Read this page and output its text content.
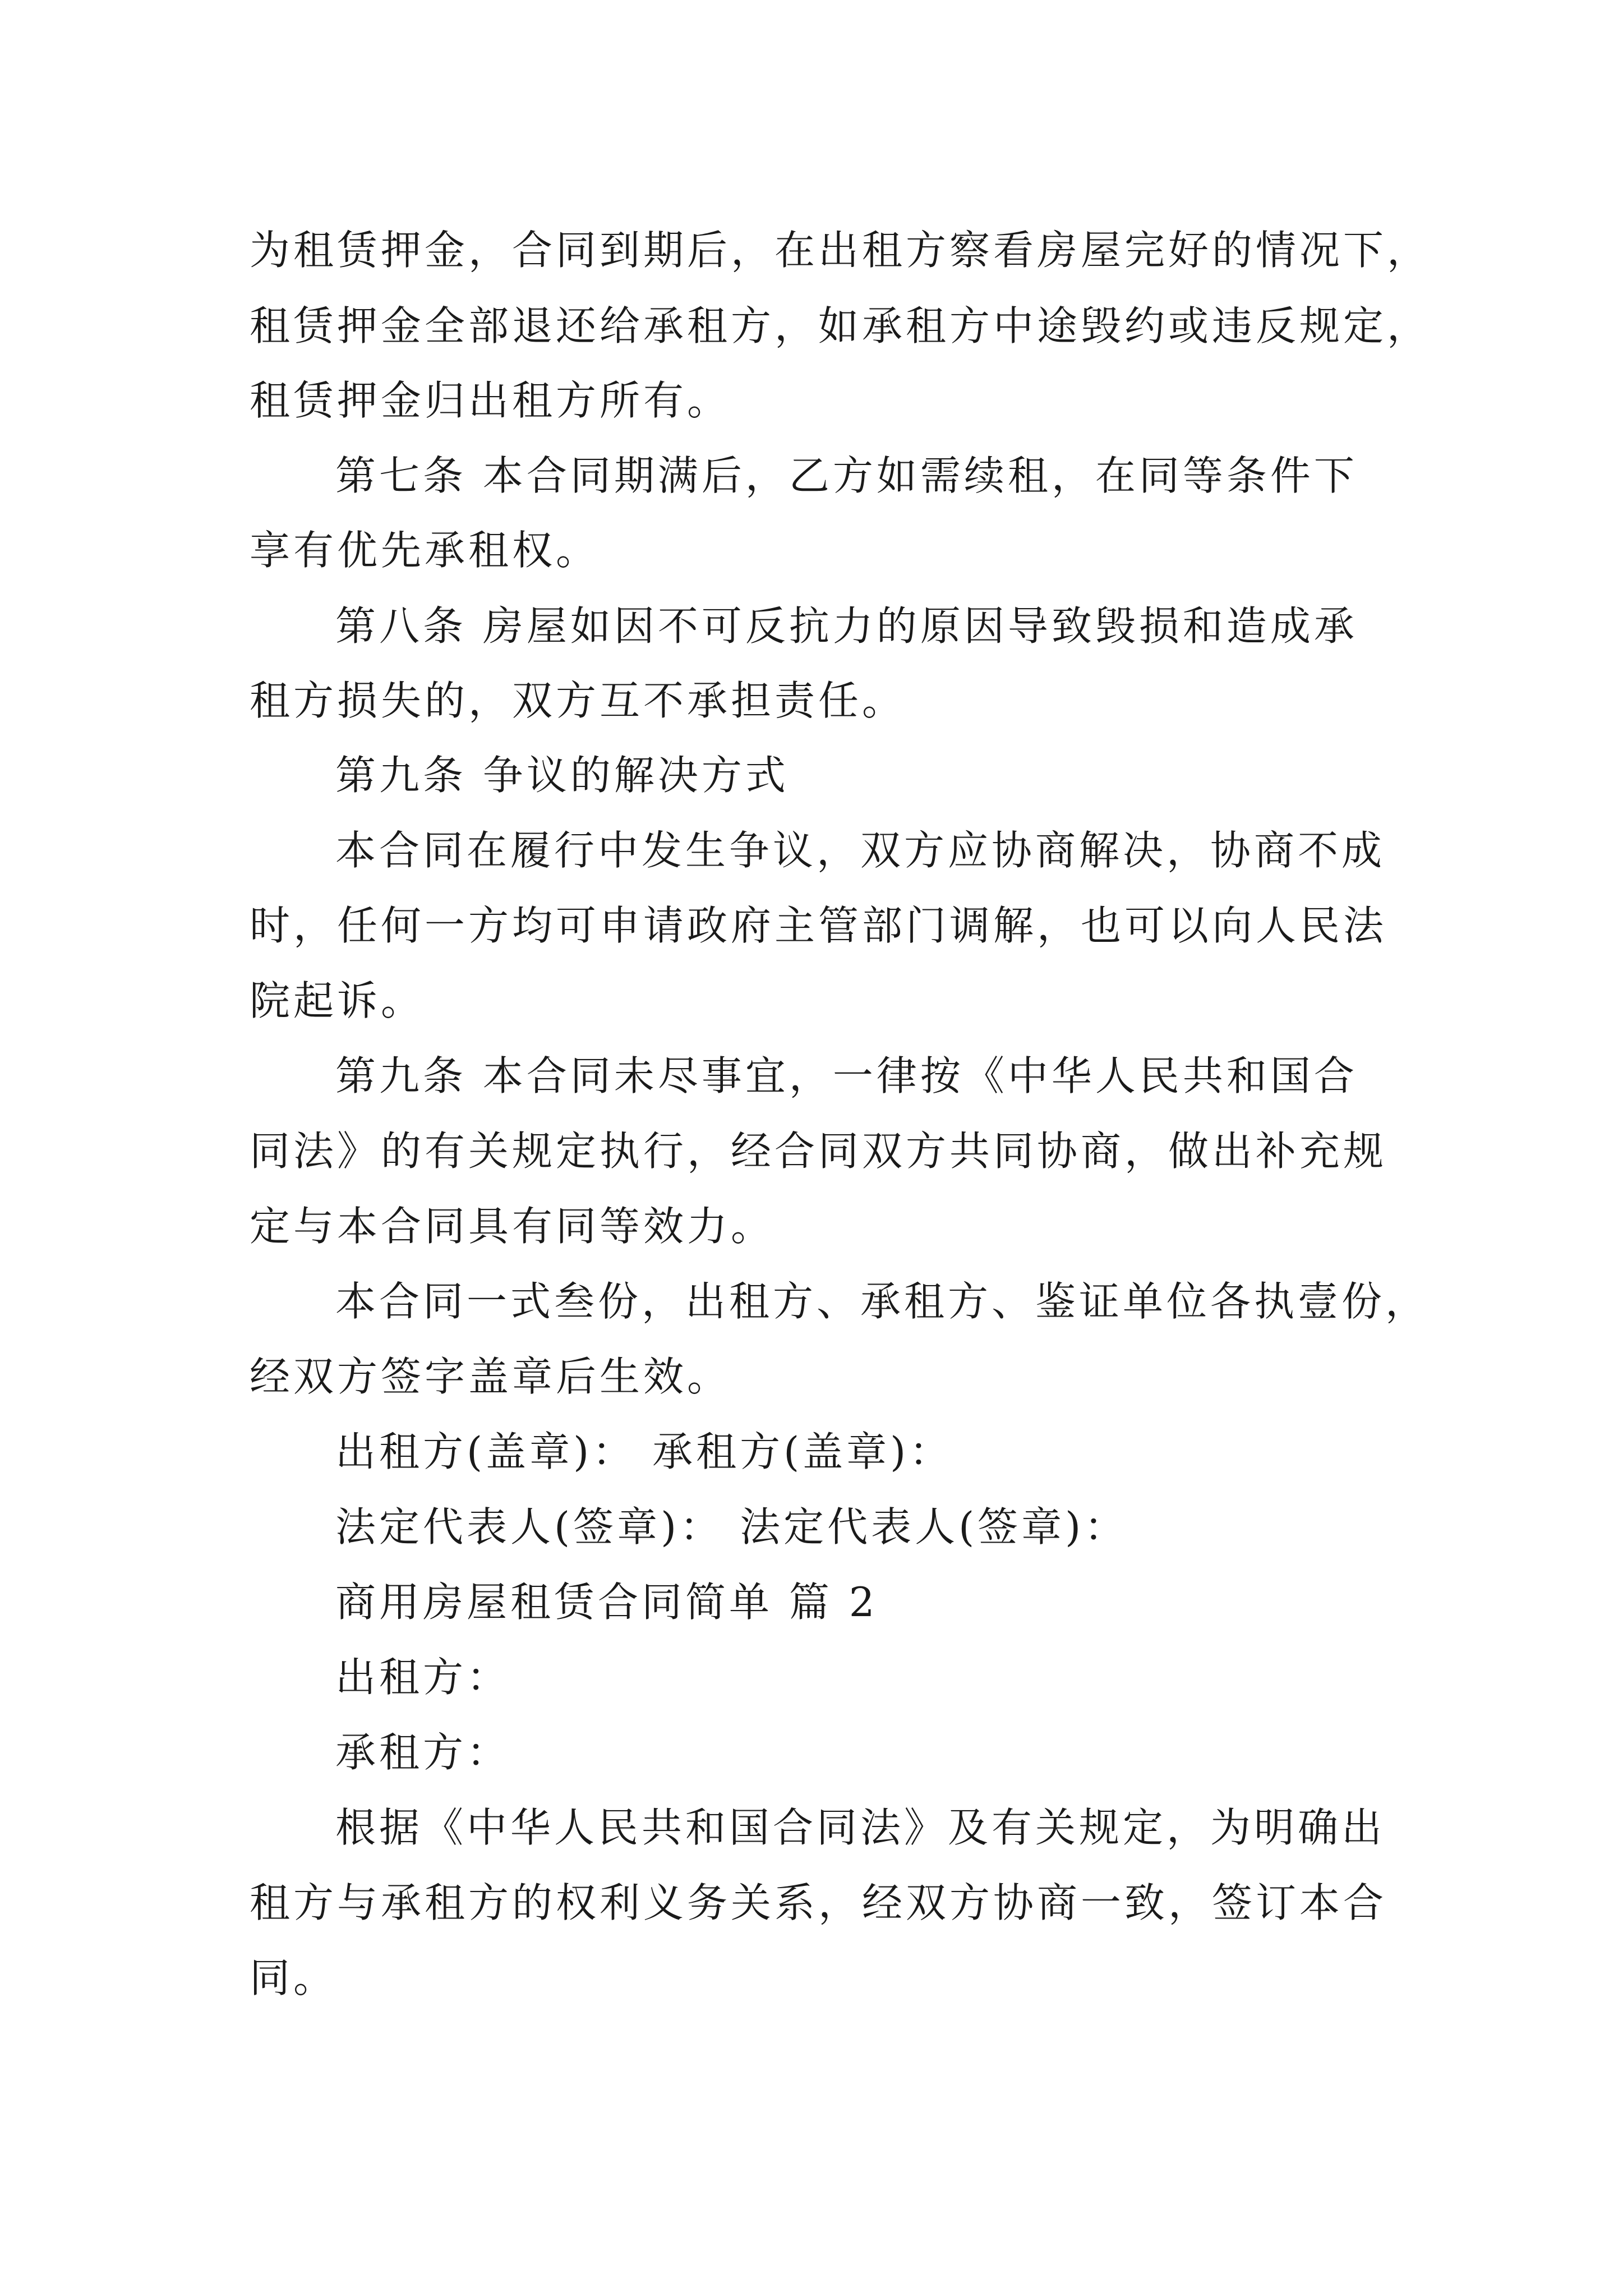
为租赁押金，合同到期后，在出租方察看房屋完好的情况下，
租赁押金全部退还给承租方，如承租方中途毁约或违反规定，
租赁押金归出租方所有。
第七条 本合同期满后，乙方如需续租，在同等条件下
享有优先承租权。
第八条 房屋如因不可反抗力的原因导致毁损和造成承
租方损失的，双方互不承担责任。
第九条 争议的解决方式
本合同在履行中发生争议，双方应协商解决，协商不成
时，任何一方均可申请政府主管部门调解，也可以向人民法
院起诉。
第九条 本合同未尽事宜，一律按《中华人民共和国合
同法》的有关规定执行，经合同双方共同协商，做出补充规
定与本合同具有同等效力。
本合同一式叁份，出租方、承租方、鉴证单位各执壹份，
经双方签字盖章后生效。
出租方(盖章)： 承租方(盖章)：
法定代表人(签章)： 法定代表人(签章)：
商用房屋租赁合同简单 篇 2
出租方：
承租方：
根据《中华人民共和国合同法》及有关规定，为明确出
租方与承租方的权利义务关系，经双方协商一致，签订本合
同。
